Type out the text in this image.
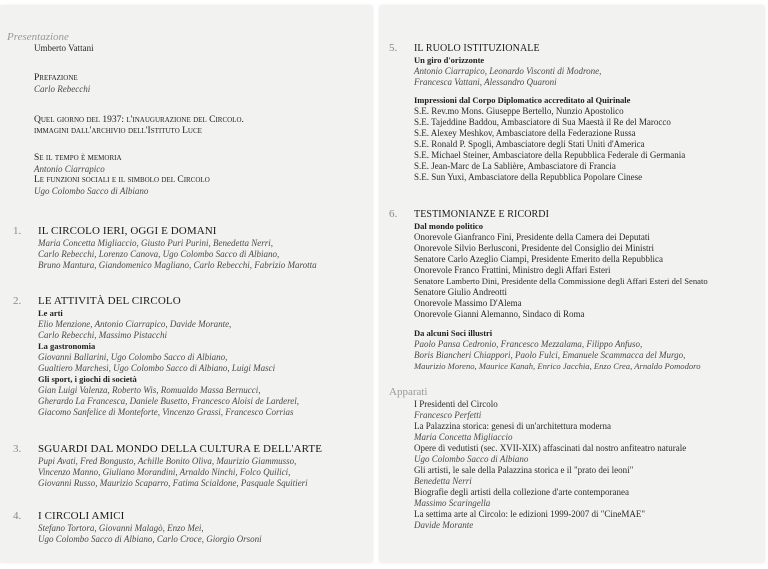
Presentazione
Umberto Vattani
Prefazione
Carlo Rebecchi
Quel giorno del 1937: l'inaugurazione del Circolo.
immagini dall'archivio dell'Istituto Luce
Se il tempo è memoria
Antonio Ciarrapico
Le funzioni sociali e il simbolo del Circolo
Ugo Colombo Sacco di Albiano
1. IL CIRCOLO IERI, OGGI E DOMANI
Maria Concetta Migliaccio, Giusto Puri Purini, Benedetta Nerri,
Carlo Rebecchi, Lorenzo Canova, Ugo Colombo Sacco di Albiano,
Bruno Mantura, Giandomenico Magliano, Carlo Rebecchi, Fabrizio Marotta
2. LE ATTIVITÀ DEL CIRCOLO
Le arti
Elio Menzione, Antonio Ciarrapico, Davide Morante,
Carlo Rebecchi, Massimo Pistacchi
La gastronomia
Giovanni Ballarini, Ugo Colombo Sacco di Albiano,
Gualtiero Marchesi, Ugo Colombo Sacco di Albiano, Luigi Masci
Gli sport, i giochi di società
Gian Luigi Valenza, Roberto Wis, Romualdo Massa Bernucci,
Gherardo La Francesca, Daniele Busetto, Francesco Aloisi de Larderel,
Giacomo Sanfelice di Monteforte, Vincenzo Grassi, Francesco Corrias
3. SGUARDI DAL MONDO DELLA CULTURA E DELL'ARTE
Pupi Avati, Fred Bongusto, Achille Bonito Oliva, Maurizio Giammusso,
Vincenzo Manno, Giuliano Morandini, Arnaldo Ninchi, Folco Quilici,
Giovanni Russo, Maurizio Scaparro, Fatima Scialdone, Pasquale Squitieri
4. I CIRCOLI AMICI
Stefano Tortora, Giovanni Malagò, Enzo Mei,
Ugo Colombo Sacco di Albiano, Carlo Croce, Giorgio Orsoni
5. IL RUOLO ISTITUZIONALE
Un giro d'orizzonte
Antonio Ciarrapico, Leonardo Visconti di Modrone,
Francesca Vattani, Alessandro Quaroni
Impressioni dal Corpo Diplomatico accreditato al Quirinale
S.E. Rev.mo Mons. Giuseppe Bertello, Nunzio Apostolico
S.E. Tajeddine Baddou, Ambasciatore di Sua Maestà il Re del Marocco
S.E. Alexey Meshkov, Ambasciatore della Federazione Russa
S.E. Ronald P. Spogli, Ambasciatore degli Stati Uniti d'America
S.E. Michael Steiner, Ambasciatore della Repubblica Federale di Germania
S.E. Jean-Marc de La Sablière, Ambasciatore di Francia
S.E. Sun Yuxi, Ambasciatore della Repubblica Popolare Cinese
6. TESTIMONIANZE E RICORDI
Dal mondo politico
Onorevole Gianfranco Fini, Presidente della Camera dei Deputati
Onorevole Silvio Berlusconi, Presidente del Consiglio dei Ministri
Senatore Carlo Azeglio Ciampi, Presidente Emerito della Repubblica
Onorevole Franco Frattini, Ministro degli Affari Esteri
Senatore Lamberto Dini, Presidente della Commissione degli Affari Esteri del Senato
Senatore Giulio Andreotti
Onorevole Massimo D'Alema
Onorevole Gianni Alemanno, Sindaco di Roma
Da alcuni Soci illustri
Paolo Pansa Cedronio, Francesco Mezzalama, Filippo Anfuso,
Boris Biancheri Chiappori, Paolo Fulci, Emanuele Scammacca del Murgo,
Maurizio Moreno, Maurice Kanah, Enrico Jacchia, Enzo Crea, Arnaldo Pomodoro
Apparati
I Presidenti del Circolo
Francesco Perfetti
La Palazzina storica: genesi di un'architettura moderna
Maria Concetta Migliaccio
Opere di vedutisti (sec. XVII-XIX) affascinati dal nostro anfiteatro naturale
Ugo Colombo Sacco di Albiano
Gli artisti, le sale della Palazzina storica e il "prato dei leoni"
Benedetta Nerri
Biografie degli artisti della collezione d'arte contemporanea
Massimo Scaringella
La settima arte al Circolo: le edizioni 1999-2007 di "CineMAE"
Davide Morante
